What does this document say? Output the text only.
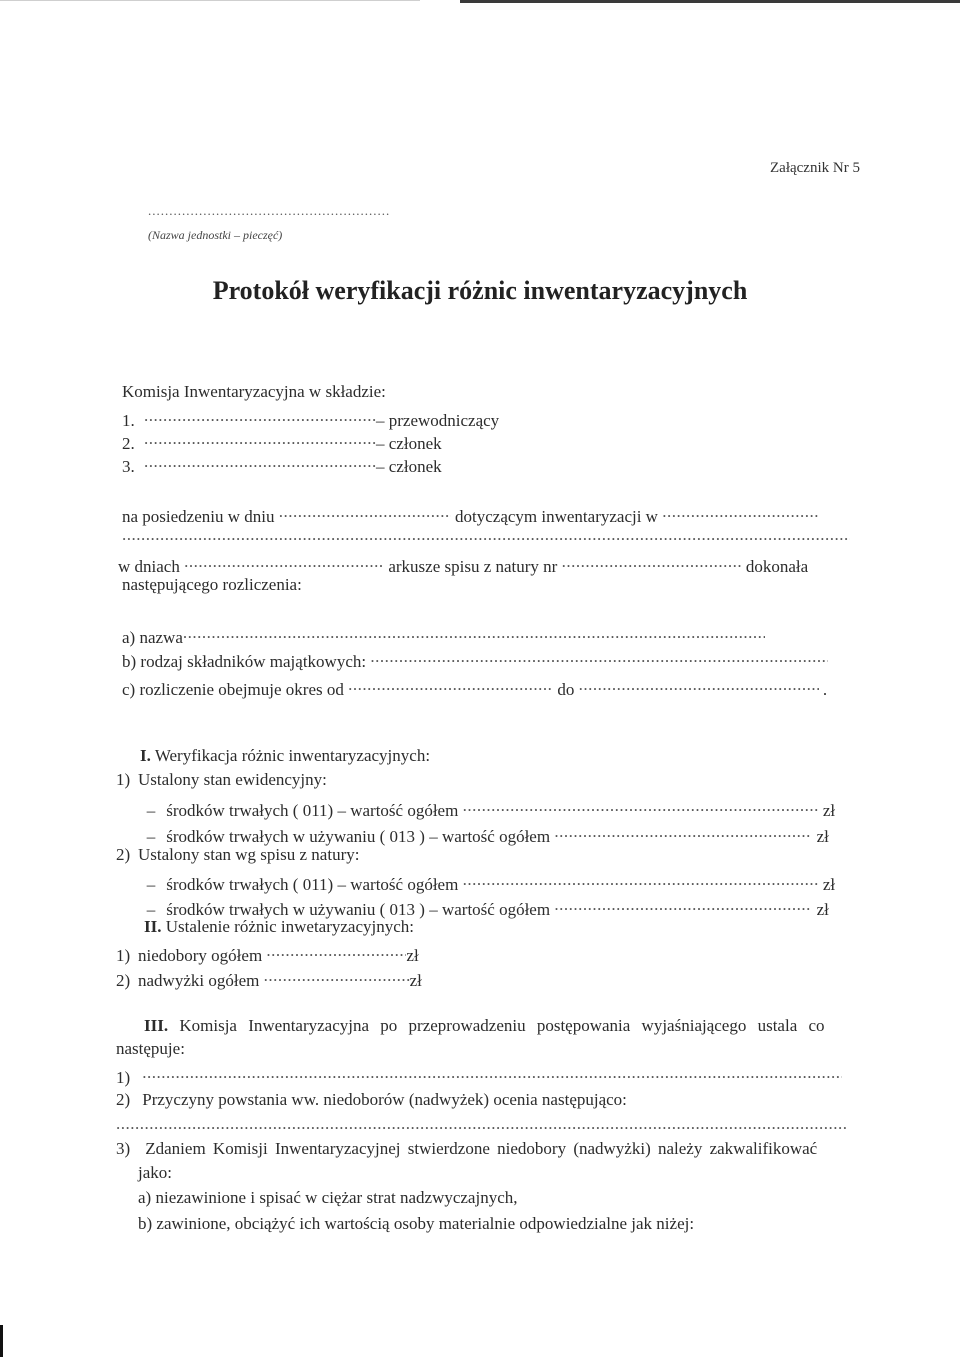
Załącznik Nr 5
.........................................................
(Nazwa jednostki – pieczęć)
Protokół weryfikacji różnic inwentaryzacyjnych
Komisja Inwentaryzacyjna w składzie:
1. .....	– przewodniczący
2. .....	– członek
3. .....	– członek
na posiedzeniu w dniu .....	dotyczącym inwentaryzacji w .....
.....
w dniach .....	arkusze spisu z natury nr .....	dokonała
następującego rozliczenia:
a) nazwa.....
b) rodzaj składników majątkowych: .....
c) rozliczenie obejmuje okres od .....	do .....	.
I. Weryfikacja różnic inwentaryzacyjnych:
1) Ustalony stan ewidencyjny:
– środków trwałych ( 011) – wartość ogółem .....	zł
– środków trwałych w używaniu ( 013 ) – wartość ogółem .....	zł
2) Ustalony stan wg spisu z natury:
– środków trwałych ( 011) – wartość ogółem .....	zł
– środków trwałych w używaniu ( 013 ) – wartość ogółem .....	zł
II. Ustalenie różnic inwetaryzacyjnych:
1) niedobory ogółem .....	zł
2) nadwyżki ogółem .....	zł
III. Komisja Inwentaryzacyjna po przeprowadzeniu postępowania wyjaśniającego ustala co
następuje:
1) .....
2) Przyczyny powstania ww. niedoborów (nadwyżek) ocenia następująco:
.....
3) Zdaniem Komisji Inwentaryzacyjnej stwierdzone niedobory (nadwyżki) należy zakwalifikować
jako:
a) niezawinione i spisać w ciężar strat nadzwyczajnych,
b) zawinione, obciążyć ich wartością osoby materialnie odpowiedzialne jak niżej:
